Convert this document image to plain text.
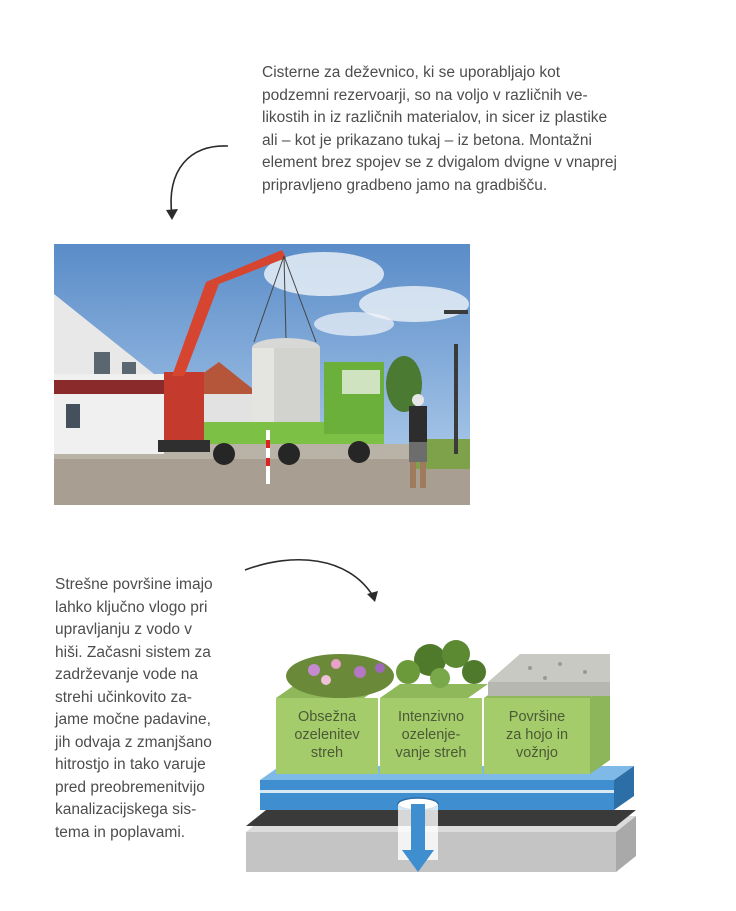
Cisterne za deževnico, ki se uporabljajo kot
podzemni rezervoarji, so na voljo v različnih ve-
likostih in iz različnih materialov, in sicer iz plastike
ali – kot je prikazano tukaj – iz betona. Montažni
element brez spojev se z dvigalom dvigne v vnaprej
pripravljeno gradbeno jamo na gradbišču.

Strešne površine imajo
lahko ključno vlogo pri
upravljanju z vodo v
hiši. Začasni sistem za
zadrževanje vode na
strehi učinkovito za-
jame močne padavine,
jih odvaja z zmanjšano
hitrostjo in tako varuje
pred preobremenitvijo
kanalizacijskega sis-
tema in poplavami.

Obsežna
ozelenitev
streh
Intenzivno
ozelenje-
vanje streh
Površine
za hojo in
vožnjo
